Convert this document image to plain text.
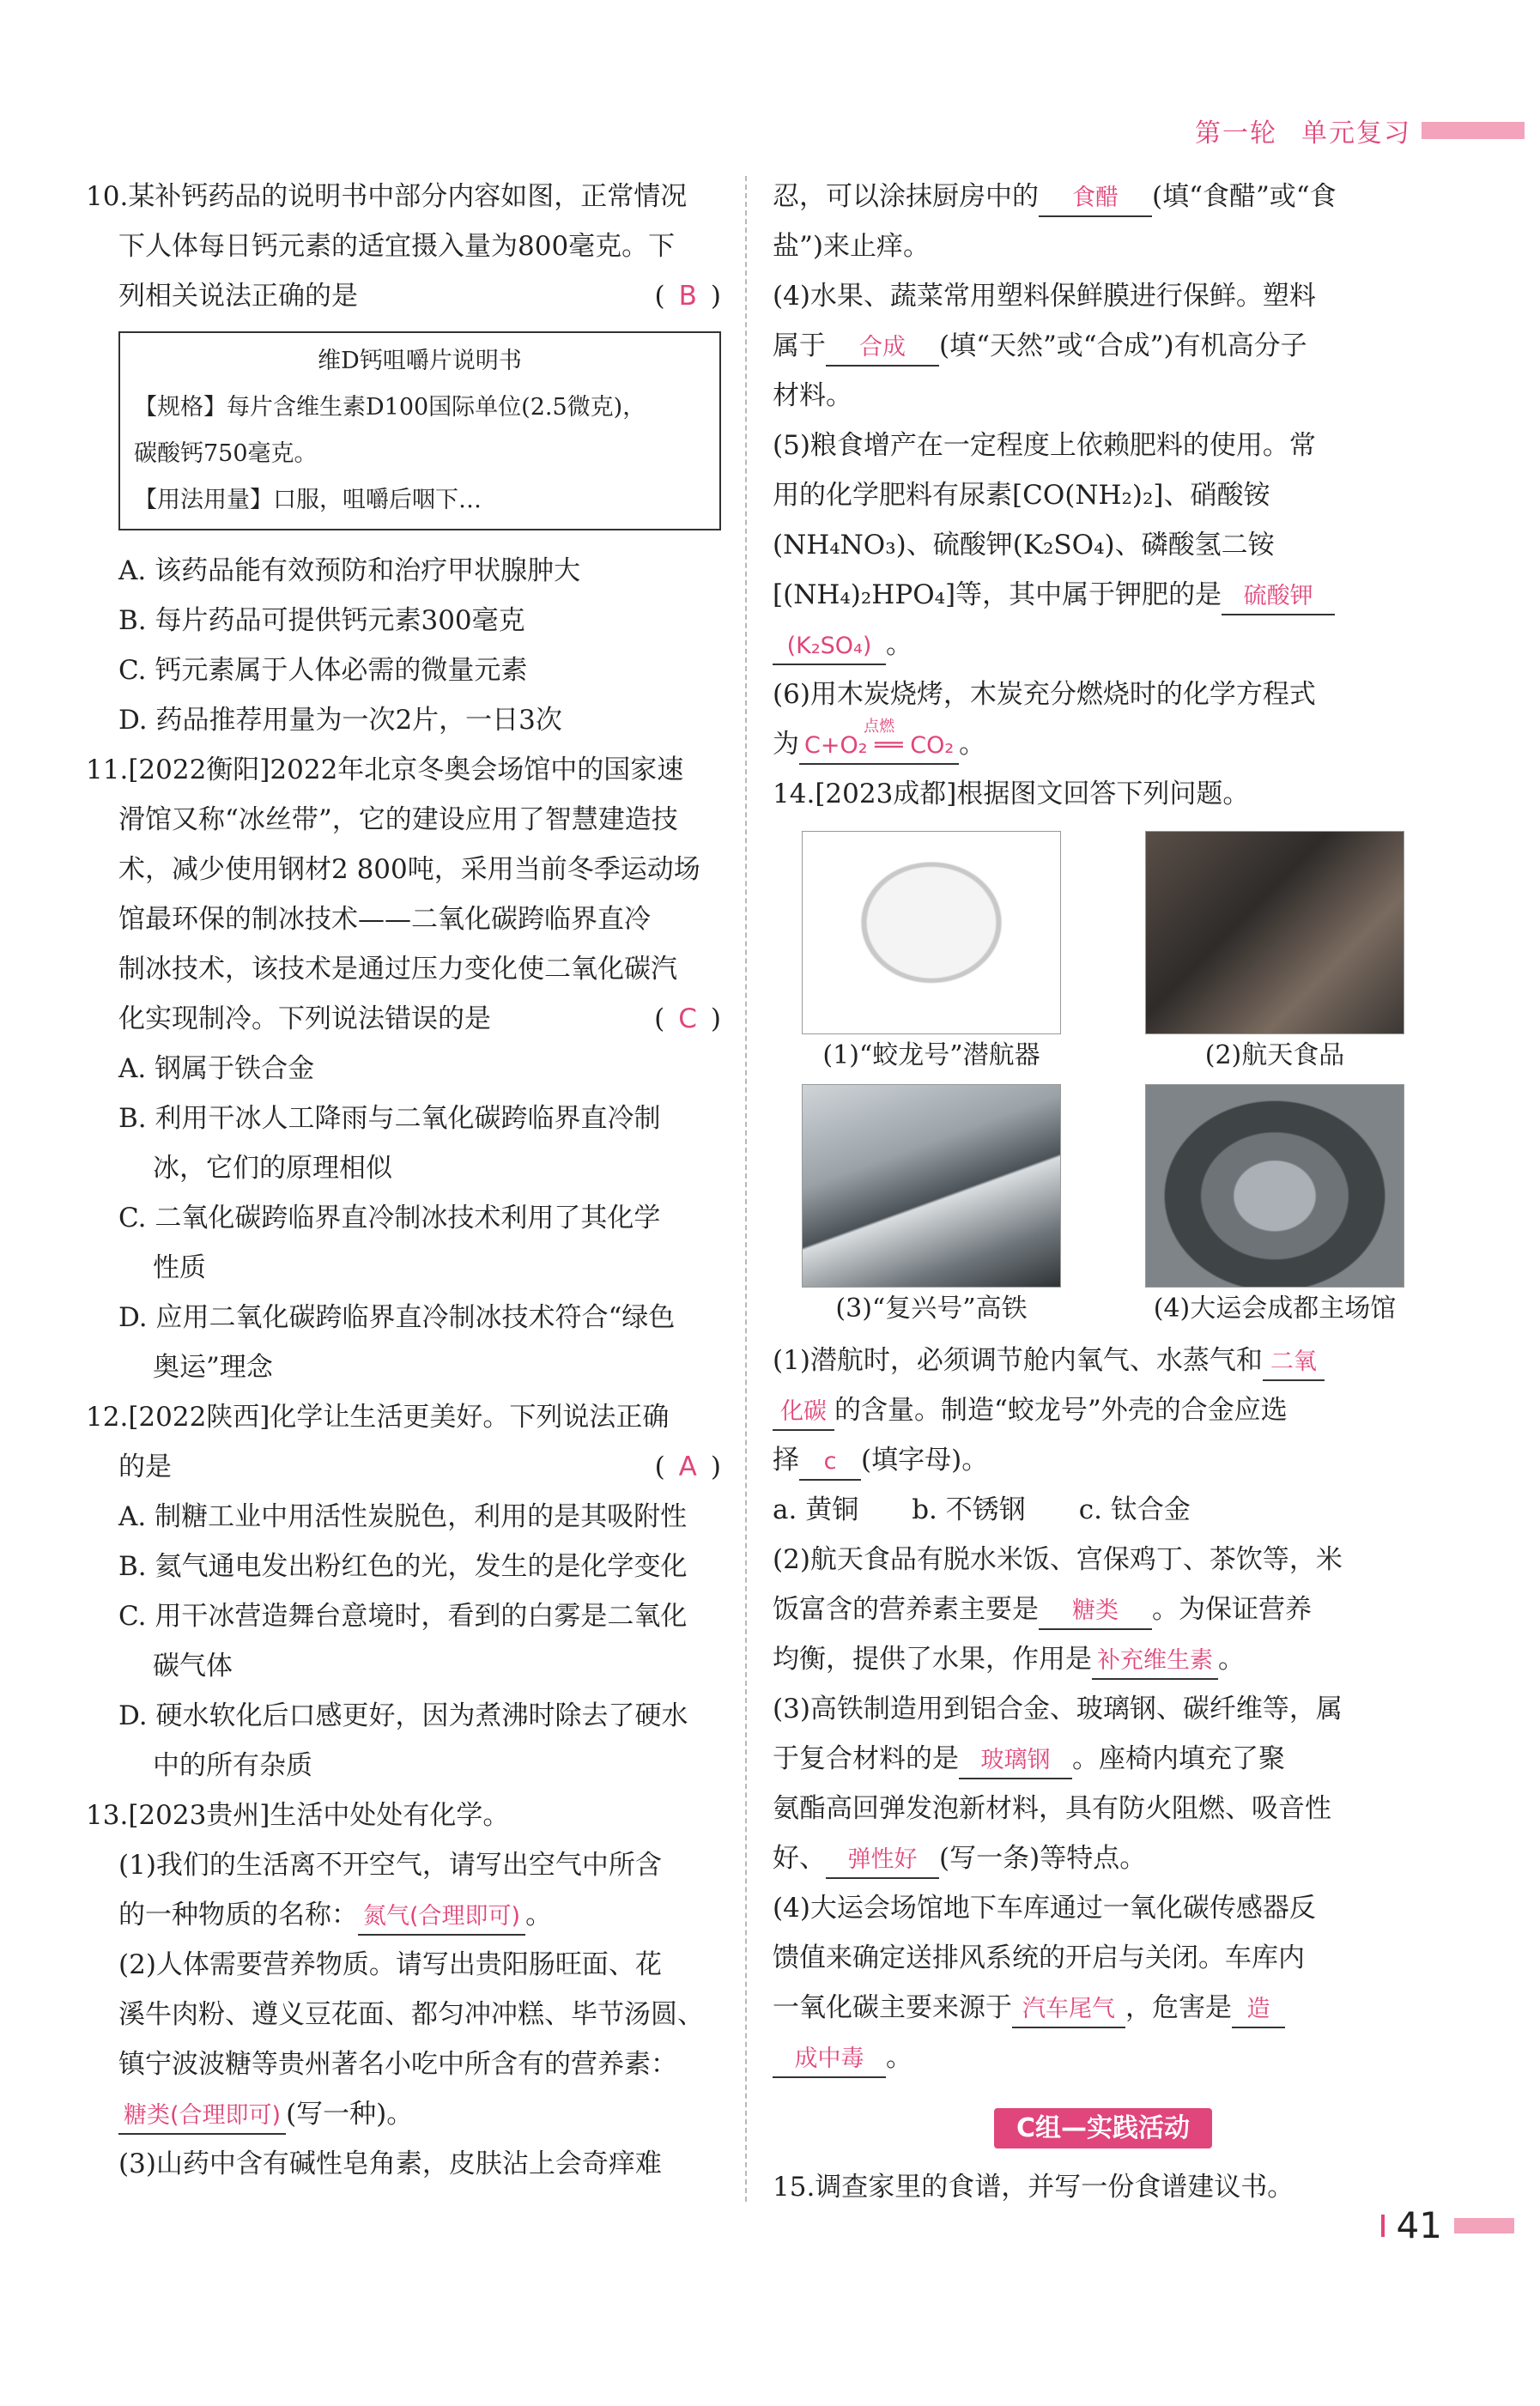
第一轮 单元复习
10.某补钙药品的说明书中部分内容如图，正常情况
下人体每日钙元素的适宜摄入量为800毫克。下
列相关说法正确的是	( B )
维D钙咀嚼片说明书
【规格】每片含维生素D100国际单位(2.5微克)，
碳酸钙750毫克。
【用法用量】口服，咀嚼后咽下…
A. 该药品能有效预防和治疗甲状腺肿大
B. 每片药品可提供钙元素300毫克
C. 钙元素属于人体必需的微量元素
D. 药品推荐用量为一次2片，一日3次
11.[2022衡阳]2022年北京冬奥会场馆中的国家速
滑馆又称“冰丝带”，它的建设应用了智慧建造技
术，减少使用钢材2 800吨，采用当前冬季运动场
馆最环保的制冰技术——二氧化碳跨临界直冷
制冰技术，该技术是通过压力变化使二氧化碳汽
化实现制冷。下列说法错误的是	( C )
A. 钢属于铁合金
B. 利用干冰人工降雨与二氧化碳跨临界直冷制
冰，它们的原理相似
C. 二氧化碳跨临界直冷制冰技术利用了其化学
性质
D. 应用二氧化碳跨临界直冷制冰技术符合“绿色
奥运”理念
12.[2022陕西]化学让生活更美好。下列说法正确
的是	( A )
A. 制糖工业中用活性炭脱色，利用的是其吸附性
B. 氦气通电发出粉红色的光，发生的是化学变化
C. 用干冰营造舞台意境时，看到的白雾是二氧化
碳气体
D. 硬水软化后口感更好，因为煮沸时除去了硬水
中的所有杂质
13.[2023贵州]生活中处处有化学。
(1)我们的生活离不开空气，请写出空气中所含
的一种物质的名称： 氮气(合理即可) 。
(2)人体需要营养物质。请写出贵阳肠旺面、花
溪牛肉粉、遵义豆花面、都匀冲冲糕、毕节汤圆、
镇宁波波糖等贵州著名小吃中所含有的营养素：
糖类(合理即可) (写一种)。
(3)山药中含有碱性皂角素，皮肤沾上会奇痒难
忍，可以涂抹厨房中的 食醋 (填“食醋”或“食
盐”)来止痒。
(4)水果、蔬菜常用塑料保鲜膜进行保鲜。塑料
属于 合成 (填“天然”或“合成”)有机高分子
材料。
(5)粮食增产在一定程度上依赖肥料的使用。常
用的化学肥料有尿素[CO(NH₂)₂]、硝酸铵
(NH₄NO₃)、硫酸钾(K₂SO₄)、磷酸氢二铵
[(NH₄)₂HPO₄]等，其中属于钾肥的是 硫酸钾
(K₂SO₄) 。
(6)用木炭烧烤，木炭充分燃烧时的化学方程式
为
点燃
C+O₂ ══ CO₂ 。
14.[2023成都]根据图文回答下列问题。
(1)“蛟龙号”潜航器	(2)航天食品
(3)“复兴号”高铁	(4)大运会成都主场馆
(1)潜航时，必须调节舱内氧气、水蒸气和 二氧
化碳 的含量。制造“蛟龙号”外壳的合金应选
择 c (填字母)。
a. 黄铜　　b. 不锈钢　　c. 钛合金
(2)航天食品有脱水米饭、宫保鸡丁、茶饮等，米
饭富含的营养素主要是 糖类 。为保证营养
均衡，提供了水果，作用是 补充维生素 。
(3)高铁制造用到铝合金、玻璃钢、碳纤维等，属
于复合材料的是 玻璃钢 。座椅内填充了聚
氨酯高回弹发泡新材料，具有防火阻燃、吸音性
好、 弹性好 (写一条)等特点。
(4)大运会场馆地下车库通过一氧化碳传感器反
馈值来确定送排风系统的开启与关闭。车库内
一氧化碳主要来源于 汽车尾气 ，危害是 造
成中毒 。
C组—实践活动
15.调查家里的食谱，并写一份食谱建议书。
41
